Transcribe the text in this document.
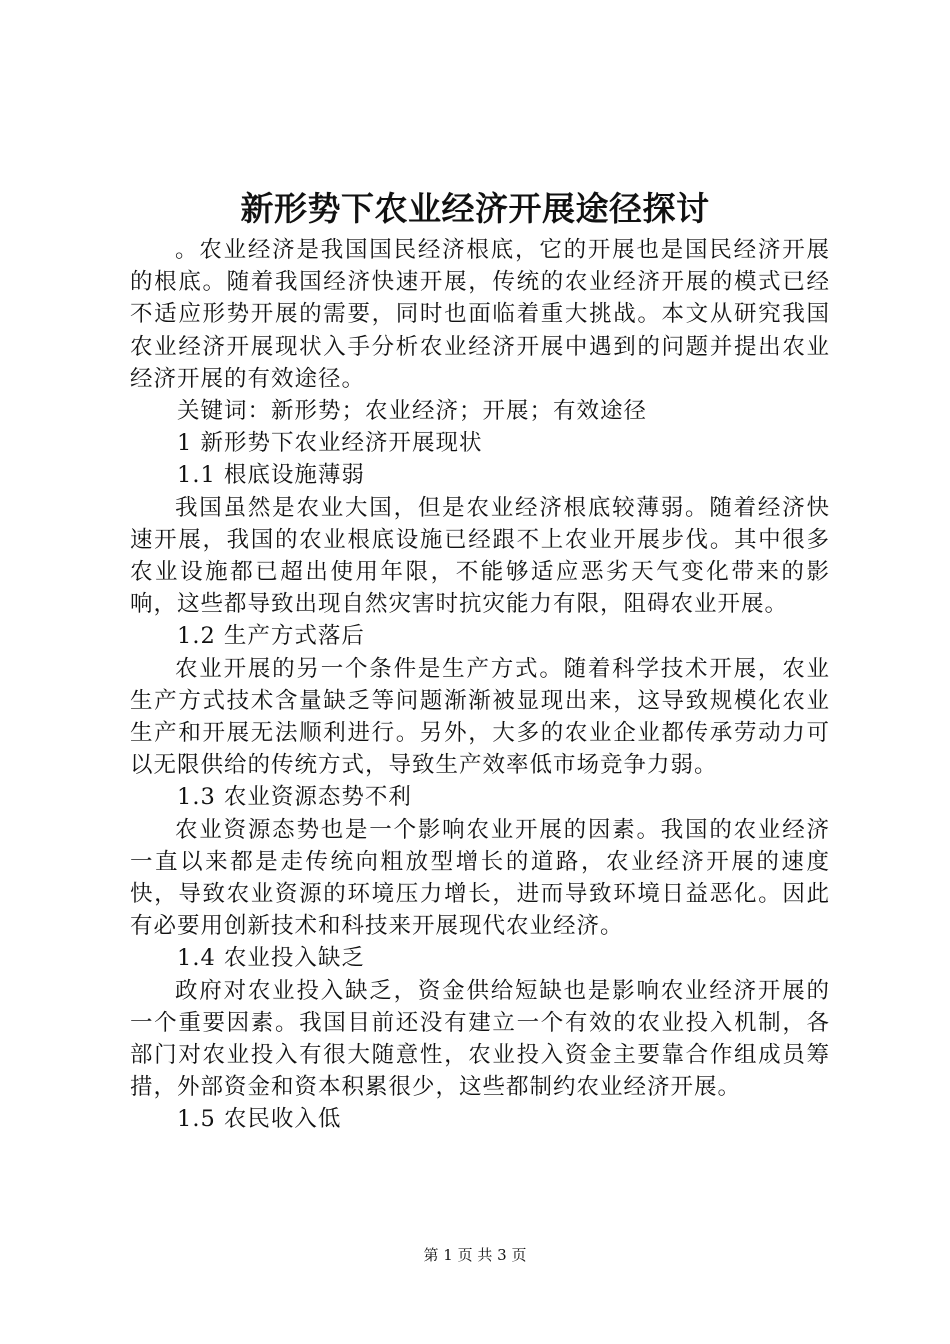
新形势下农业经济开展途径探讨

。农业经济是我国国民经济根底，它的开展也是国民经济开展的根底。随着我国经济快速开展，传统的农业经济开展的模式已经不适应形势开展的需要，同时也面临着重大挑战。本文从研究我国农业经济开展现状入手分析农业经济开展中遇到的问题并提出农业经济开展的有效途径。

关键词：新形势；农业经济；开展；有效途径

1 新形势下农业经济开展现状

1.1 根底设施薄弱

我国虽然是农业大国，但是农业经济根底较薄弱。随着经济快速开展，我国的农业根底设施已经跟不上农业开展步伐。其中很多农业设施都已超出使用年限，不能够适应恶劣天气变化带来的影响，这些都导致出现自然灾害时抗灾能力有限，阻碍农业开展。

1.2 生产方式落后

农业开展的另一个条件是生产方式。随着科学技术开展，农业生产方式技术含量缺乏等问题渐渐被显现出来，这导致规模化农业生产和开展无法顺利进行。另外，大多的农业企业都传承劳动力可以无限供给的传统方式，导致生产效率低市场竞争力弱。

1.3 农业资源态势不利

农业资源态势也是一个影响农业开展的因素。我国的农业经济一直以来都是走传统向粗放型增长的道路，农业经济开展的速度快，导致农业资源的环境压力增长，进而导致环境日益恶化。因此有必要用创新技术和科技来开展现代农业经济。

1.4 农业投入缺乏

政府对农业投入缺乏，资金供给短缺也是影响农业经济开展的一个重要因素。我国目前还没有建立一个有效的农业投入机制，各部门对农业投入有很大随意性，农业投入资金主要靠合作组成员筹措，外部资金和资本积累很少，这些都制约农业经济开展。

1.5 农民收入低

第 1 页 共 3 页
